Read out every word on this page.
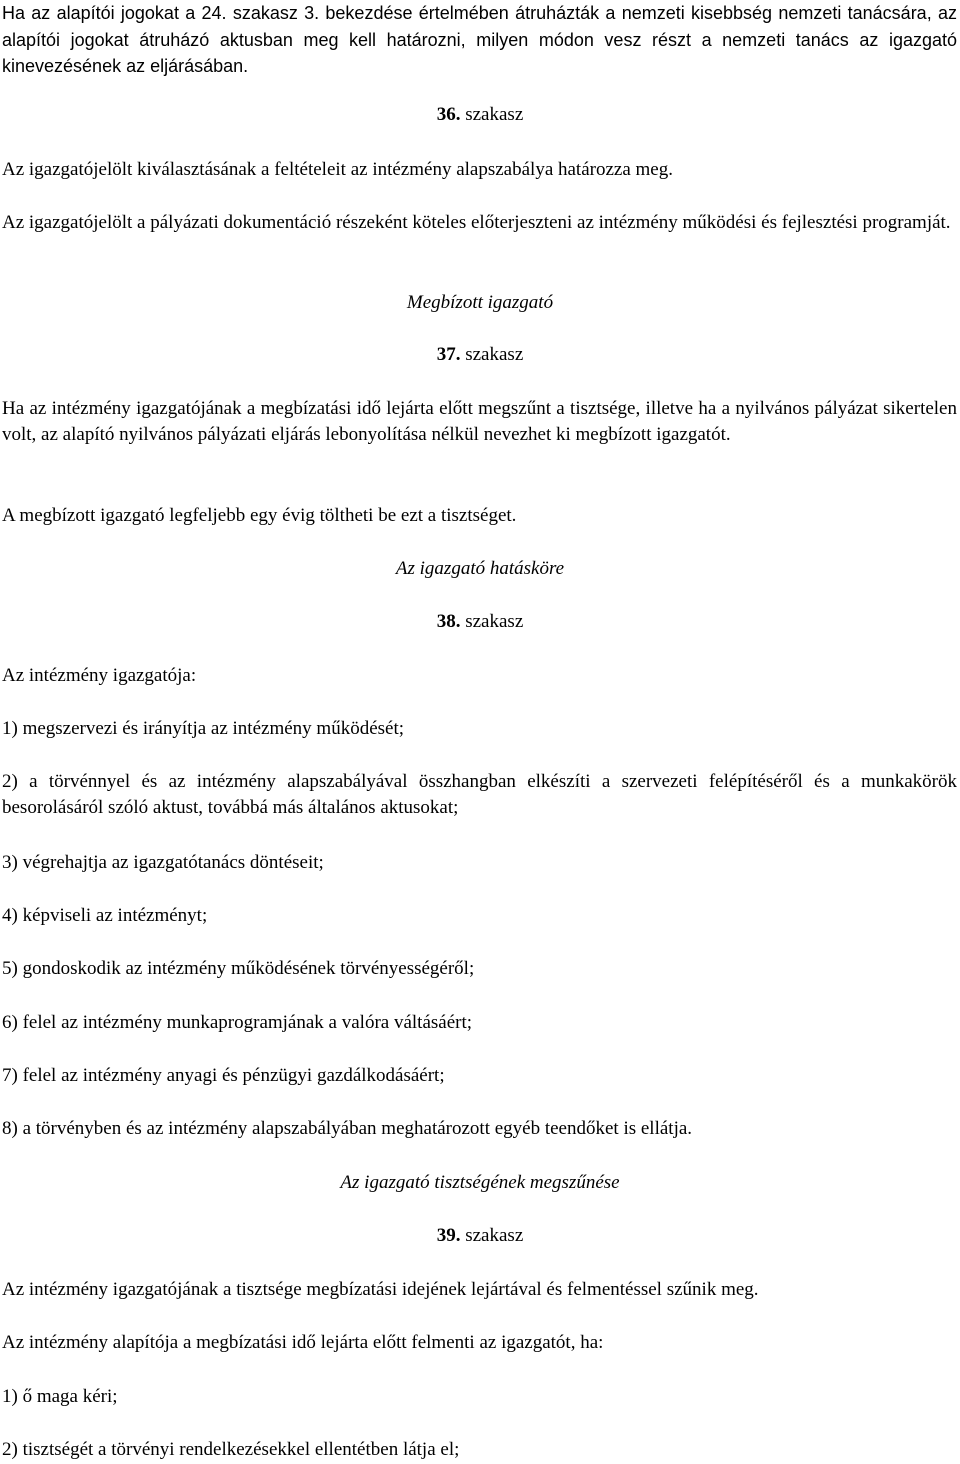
Ha az alapítói jogokat a 24. szakasz 3. bekezdése értelmében átruházták a nemzeti kisebbség nemzeti tanácsára, az alapítói jogokat átruházó aktusban meg kell határozni, milyen módon vesz részt a nemzeti tanács az igazgató kinevezésének az eljárásában.

36. szakasz

Az igazgatójelölt kiválasztásának a feltételeit az intézmény alapszabálya határozza meg.

Az igazgatójelölt a pályázati dokumentáció részeként köteles előterjeszteni az intézmény működési és fejlesztési programját.

Megbízott igazgató

37. szakasz

Ha az intézmény igazgatójának a megbízatási idő lejárta előtt megszűnt a tisztsége, illetve ha a nyilvános pályázat sikertelen volt, az alapító nyilvános pályázati eljárás lebonyolítása nélkül nevezhet ki megbízott igazgatót.

A megbízott igazgató legfeljebb egy évig töltheti be ezt a tisztséget.

Az igazgató hatásköre

38. szakasz

Az intézmény igazgatója:

1) megszervezi és irányítja az intézmény működését;

2) a törvénnyel és az intézmény alapszabályával összhangban elkészíti a szervezeti felépítéséről és a munkakörök besorolásáról szóló aktust, továbbá más általános aktusokat;

3) végrehajtja az igazgatótanács döntéseit;

4) képviseli az intézményt;

5) gondoskodik az intézmény működésének törvényességéről;

6) felel az intézmény munkaprogramjának a valóra váltásáért;

7) felel az intézmény anyagi és pénzügyi gazdálkodásáért;

8) a törvényben és az intézmény alapszabályában meghatározott egyéb teendőket is ellátja.

Az igazgató tisztségének megszűnése

39. szakasz

Az intézmény igazgatójának a tisztsége megbízatási idejének lejártával és felmentéssel szűnik meg.

Az intézmény alapítója a megbízatási idő lejárta előtt felmenti az igazgatót, ha:

1) ő maga kéri;

2) tisztségét a törvényi rendelkezésekkel ellentétben látja el;
